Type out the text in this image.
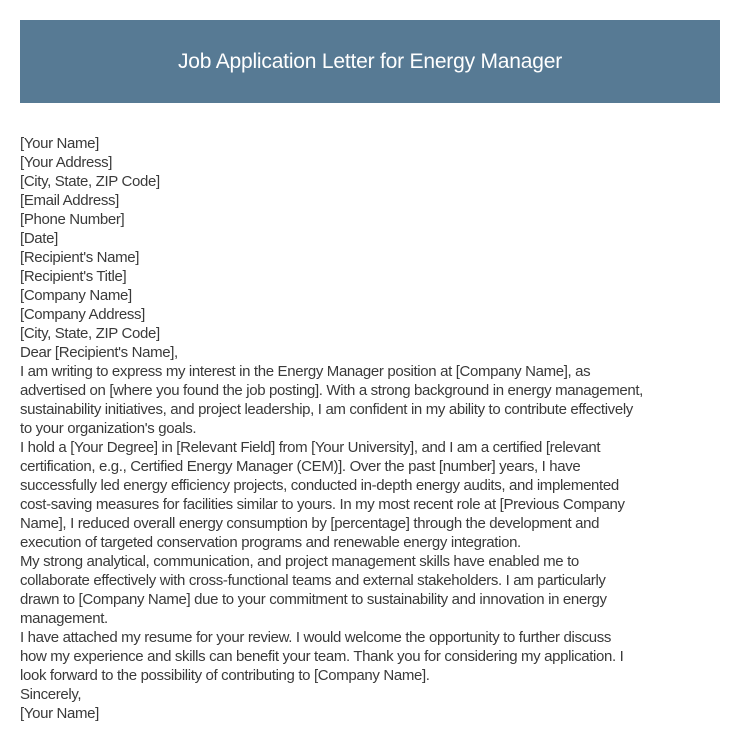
Job Application Letter for Energy Manager
[Your Name]
[Your Address]
[City, State, ZIP Code]
[Email Address]
[Phone Number]
[Date]
[Recipient's Name]
[Recipient's Title]
[Company Name]
[Company Address]
[City, State, ZIP Code]
Dear [Recipient's Name],
I am writing to express my interest in the Energy Manager position at [Company Name], as
advertised on [where you found the job posting]. With a strong background in energy management,
sustainability initiatives, and project leadership, I am confident in my ability to contribute effectively
to your organization's goals.
I hold a [Your Degree] in [Relevant Field] from [Your University], and I am a certified [relevant
certification, e.g., Certified Energy Manager (CEM)]. Over the past [number] years, I have
successfully led energy efficiency projects, conducted in-depth energy audits, and implemented
cost-saving measures for facilities similar to yours. In my most recent role at [Previous Company
Name], I reduced overall energy consumption by [percentage] through the development and
execution of targeted conservation programs and renewable energy integration.
My strong analytical, communication, and project management skills have enabled me to
collaborate effectively with cross-functional teams and external stakeholders. I am particularly
drawn to [Company Name] due to your commitment to sustainability and innovation in energy
management.
I have attached my resume for your review. I would welcome the opportunity to further discuss
how my experience and skills can benefit your team. Thank you for considering my application. I
look forward to the possibility of contributing to [Company Name].
Sincerely,
[Your Name]
